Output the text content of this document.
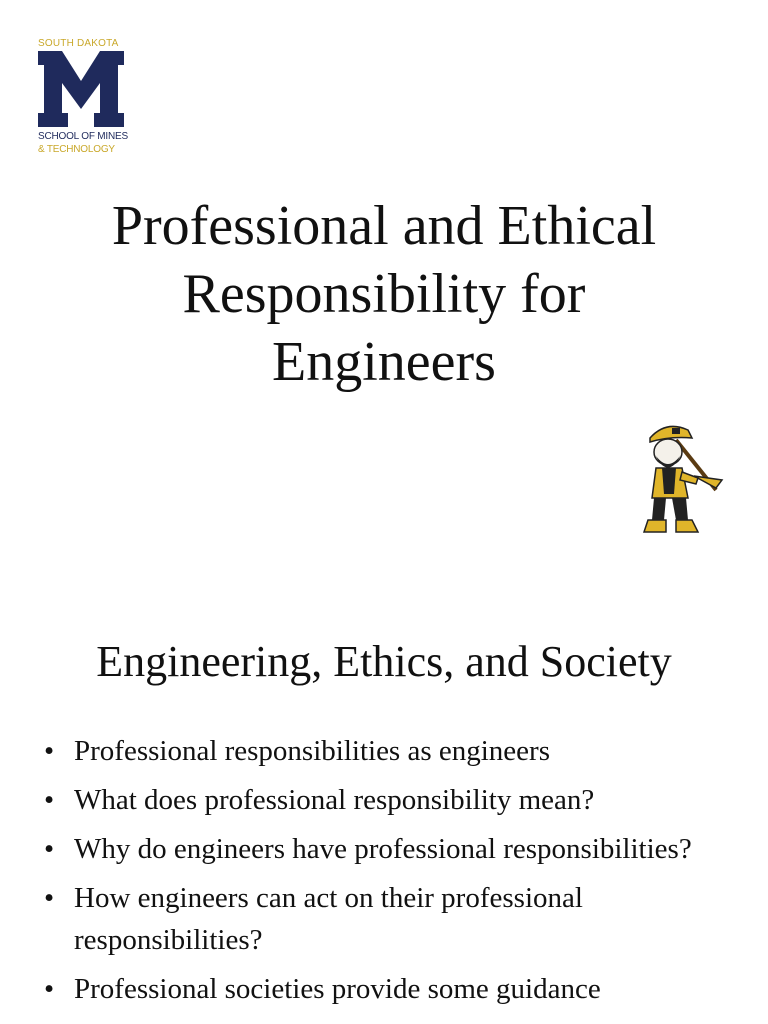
SOUTH DAKOTA
SCHOOL OF MINES
& TECHNOLOGY
Professional and Ethical
Responsibility for
Engineers
Engineering, Ethics, and Society
• Professional responsibilities as engineers
• What does professional responsibility mean?
• Why do engineers have professional responsibilities?
• How engineers can act on their professional responsibilities?
• Professional societies provide some guidance
